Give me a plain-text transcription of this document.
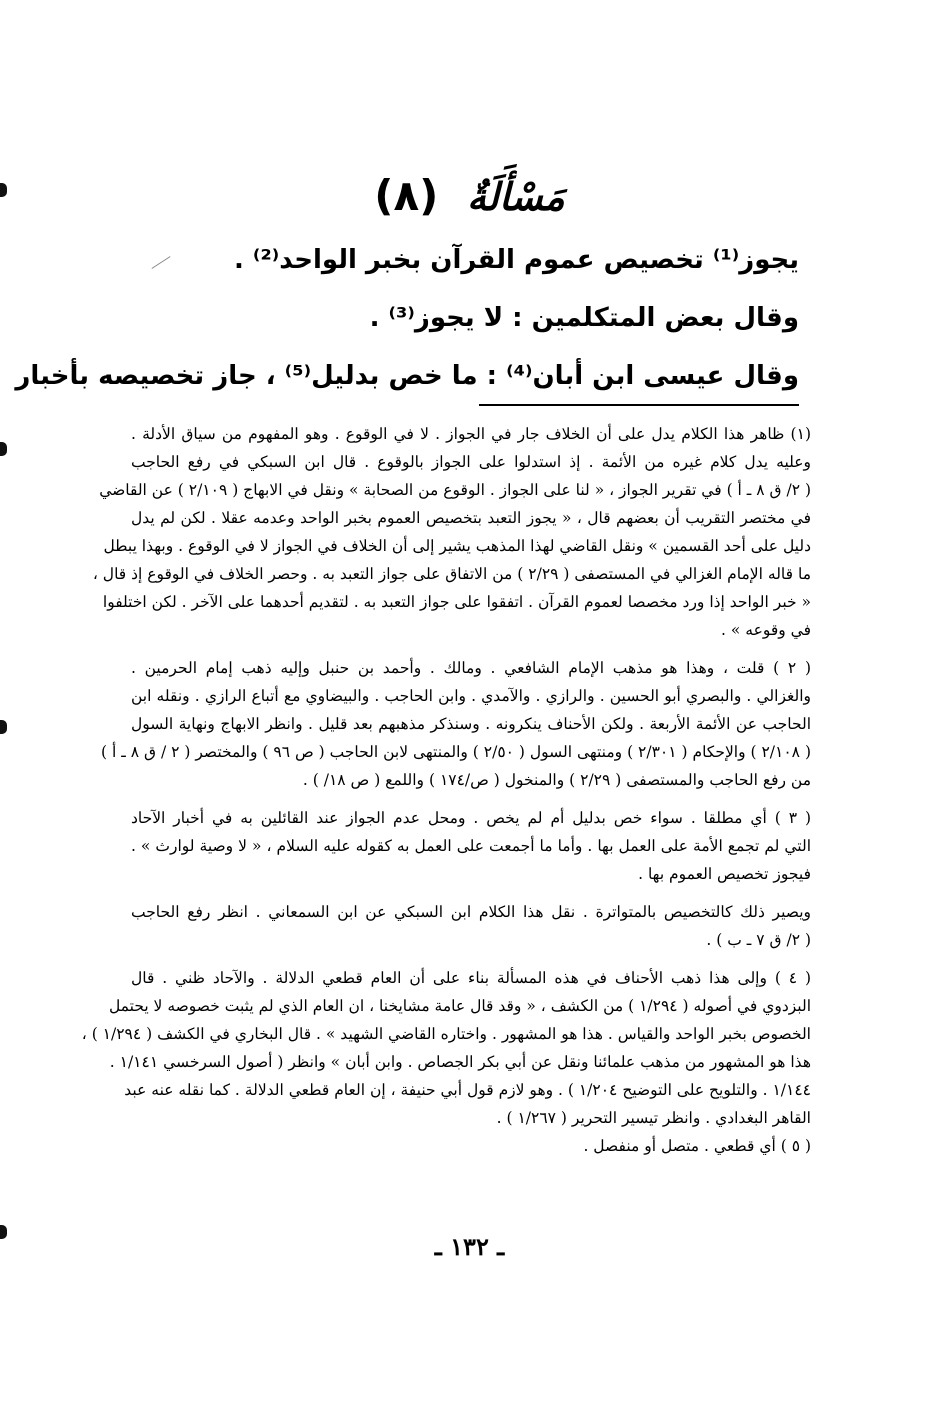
مَسْأَلَةٌ (٨)
يجوز⁽¹⁾ تخصيص عموم القرآن بخبر الواحد⁽²⁾ .
وقال بعض المتكلمين : لا يجوز⁽³⁾ .
وقال عيسى ابن أبان⁽⁴⁾ : ما خص بدليل⁽⁵⁾ ، جاز تخصيصه بأخبار
(١) ظاهر هذا الكلام يدل على أن الخلاف جار في الجواز . لا في الوقوع . وهو المفهوم من سياق الأدلة .
وعليه يدل كلام غيره من الأئمة . إذ استدلوا على الجواز بالوقوع . قال ابن السبكي في رفع الحاجب
( ٢/ ق ٨ ـ أ ) في تقرير الجواز ، « لنا على الجواز . الوقوع من الصحابة » ونقل في الابهاج ( ٢/١٠٩ ) عن القاضي
في مختصر التقريب أن بعضهم قال ، « يجوز التعبد بتخصيص العموم بخبر الواحد وعدمه عقلا . لكن لم يدل
دليل على أحد القسمين » ونقل القاضي لهذا المذهب يشير إلى أن الخلاف في الجواز لا في الوقوع . وبهذا يبطل
ما قاله الإمام الغزالي في المستصفى ( ٢/٢٩ ) من الاتفاق على جواز التعبد به . وحصر الخلاف في الوقوع إذ قال ،
« خبر الواحد إذا ورد مخصصا لعموم القرآن . اتفقوا على جواز التعبد به . لتقديم أحدهما على الآخر . لكن اختلفوا
في وقوعه » .
( ٢ ) قلت ، وهذا هو مذهب الإمام الشافعي . ومالك . وأحمد بن حنبل وإليه ذهب إمام الحرمين .
والغزالي . والبصري أبو الحسين . والرازي . والآمدي . وابن الحاجب . والبيضاوي مع أتباع الرازي . ونقله ابن
الحاجب عن الأئمة الأربعة . ولكن الأحناف ينكرونه . وسنذكر مذهبهم بعد قليل . وانظر الابهاج ونهاية السول
( ٢/١٠٨ ) والإحكام ( ٢/٣٠١ ) ومنتهى السول ( ٢/٥٠ ) والمنتهى لابن الحاجب ( ص ٩٦ ) والمختصر ( ٢ / ق ٨ ـ أ )
من رفع الحاجب والمستصفى ( ٢/٢٩ ) والمنخول ( ص/١٧٤ ) واللمع ( ص ١٨/ ) .
( ٣ ) أي مطلقا . سواء خص بدليل أم لم يخص . ومحل عدم الجواز عند القائلين به في أخبار الآحاد
التي لم تجمع الأمة على العمل بها . وأما ما أجمعت على العمل به كقوله عليه السلام ، « لا وصية لوارث » .
فيجوز تخصيص العموم بها .
ويصير ذلك كالتخصيص بالمتواترة . نقل هذا الكلام ابن السبكي عن ابن السمعاني . انظر رفع الحاجب
( ٢/ ق ٧ ـ ب ) .
( ٤ ) وإلى هذا ذهب الأحناف في هذه المسألة بناء على أن العام قطعي الدلالة . والآحاد ظني . قال
البزدوي في أصوله ( ١/٢٩٤ ) من الكشف ، « وقد قال عامة مشايخنا ، ان العام الذي لم يثبت خصوصه لا يحتمل
الخصوص بخبر الواحد والقياس . هذا هو المشهور . واختاره القاضي الشهيد » . قال البخاري في الكشف ( ١/٢٩٤ ) ،
هذا هو المشهور من مذهب علمائنا ونقل عن أبي بكر الجصاص . وابن أبان » وانظر ( أصول السرخسي ١/١٤١ .
١/١٤٤ . والتلويح على التوضيح ١/٢٠٤ ) . وهو لازم قول أبي حنيفة ، إن العام قطعي الدلالة . كما نقله عنه عبد
القاهر البغدادي . وانظر تيسير التحرير ( ١/٢٦٧ ) .
( ٥ ) أي قطعي . متصل أو منفصل .
ـ ١٣٢ ـ
